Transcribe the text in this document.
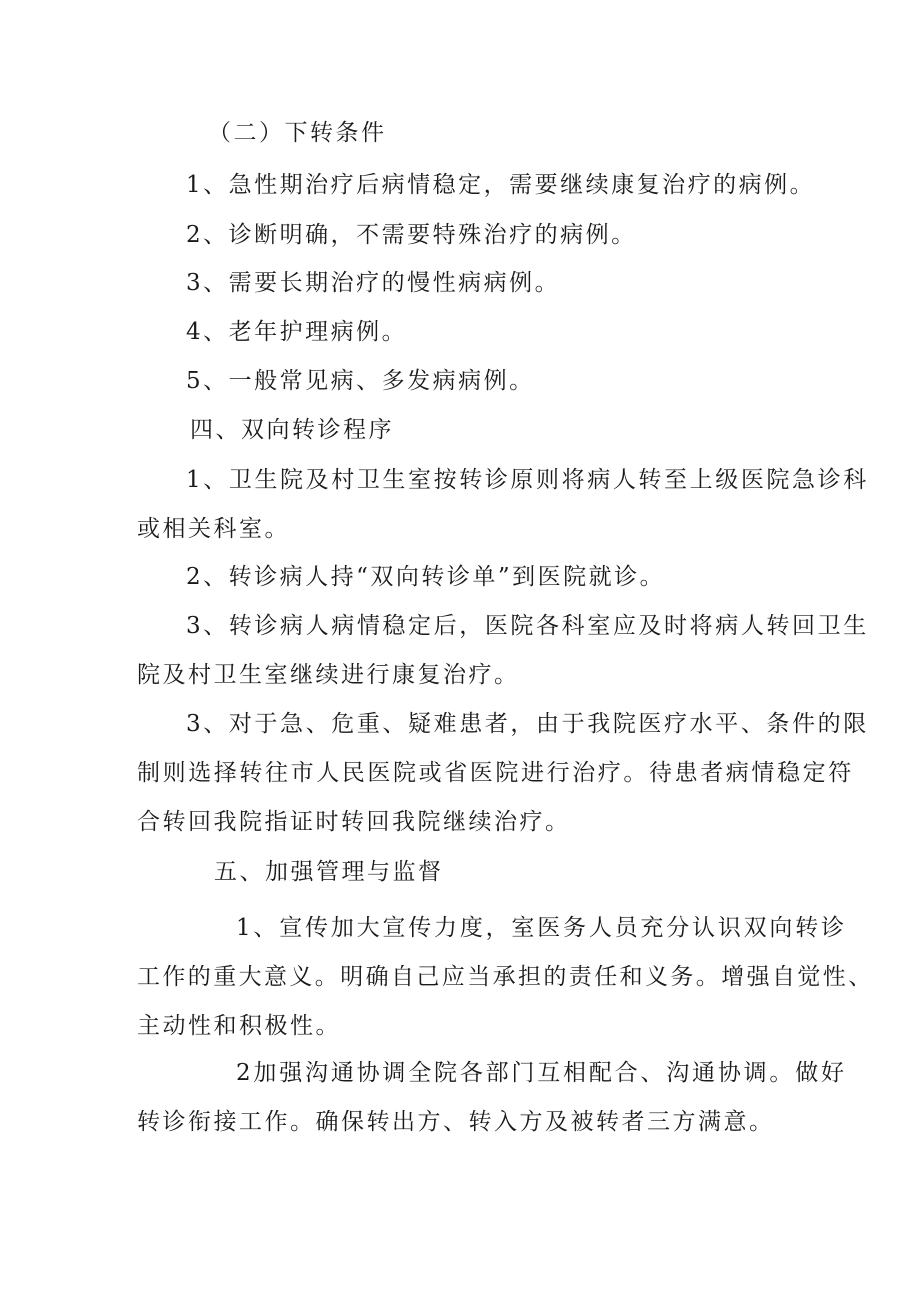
（二）下转条件
1、急性期治疗后病情稳定，需要继续康复治疗的病例。
2、诊断明确，不需要特殊治疗的病例。
3、需要长期治疗的慢性病病例。
4、老年护理病例。
5、一般常见病、多发病病例。
四、双向转诊程序
1、卫生院及村卫生室按转诊原则将病人转至上级医院急诊科
或相关科室。
2、转诊病人持“双向转诊单”到医院就诊。
3、转诊病人病情稳定后，医院各科室应及时将病人转回卫生
院及村卫生室继续进行康复治疗。
3、对于急、危重、疑难患者，由于我院医疗水平、条件的限
制则选择转往市人民医院或省医院进行治疗。待患者病情稳定符
合转回我院指证时转回我院继续治疗。
五、加强管理与监督
1、宣传加大宣传力度，室医务人员充分认识双向转诊
工作的重大意义。明确自己应当承担的责任和义务。增强自觉性、
主动性和积极性。
2加强沟通协调全院各部门互相配合、沟通协调。做好
转诊衔接工作。确保转出方、转入方及被转者三方满意。
